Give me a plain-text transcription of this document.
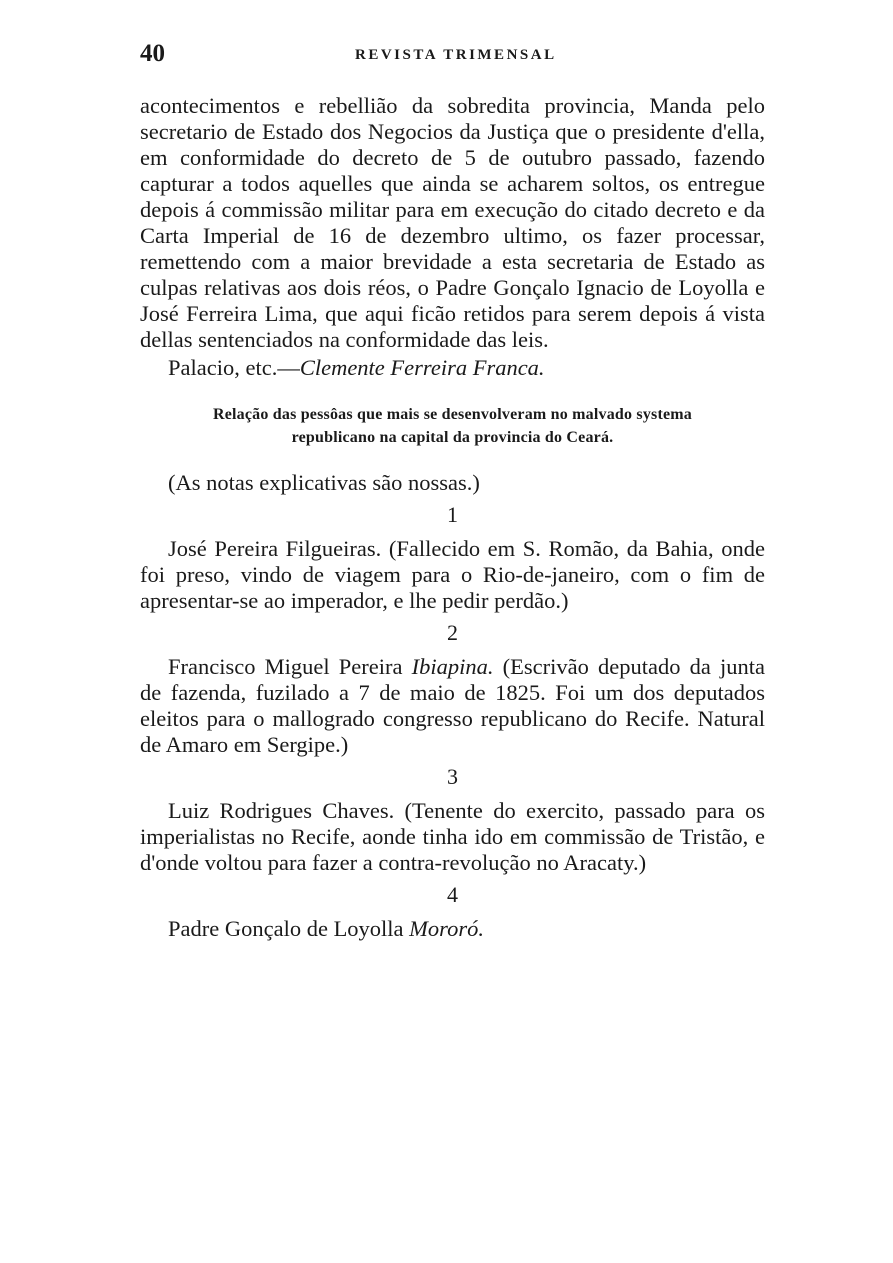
40	REVISTA TRIMENSAL

acontecimentos e rebellião da sobredita provincia, Manda pelo secretario de Estado dos Negocios da Justiça que o presidente d'ella, em conformidade do decreto de 5 de outubro passado, fazendo capturar a todos aquelles que ainda se acharem soltos, os entregue depois á commissão militar para em execução do citado decreto e da Carta Imperial de 16 de dezembro ultimo, os fazer processar, remettendo com a maior brevidade a esta secretaria de Estado as culpas relativas aos dois réos, o Padre Gonçalo Ignacio de Loyolla e José Ferreira Lima, que aqui ficão retidos para serem depois á vista dellas sentenciados na conformidade das leis.

Palacio, etc.—Clemente Ferreira Franca.

Relação das pessôas que mais se desenvolveram no malvado systema
republicano na capital da provincia do Ceará.

(As notas explicativas são nossas.)

1

José Pereira Filgueiras. (Fallecido em S. Romão, da Bahia, onde foi preso, vindo de viagem para o Rio-de-janeiro, com o fim de apresentar-se ao imperador, e lhe pedir perdão.)

2

Francisco Miguel Pereira Ibiapina. (Escrivão deputado da junta de fazenda, fuzilado a 7 de maio de 1825. Foi um dos deputados eleitos para o mallogrado congresso republicano do Recife. Natural de Amaro em Sergipe.)

3

Luiz Rodrigues Chaves. (Tenente do exercito, passado para os imperialistas no Recife, aonde tinha ido em commissão de Tristão, e d'onde voltou para fazer a contra-revolução no Aracaty.)

4

Padre Gonçalo de Loyolla Mororó.
